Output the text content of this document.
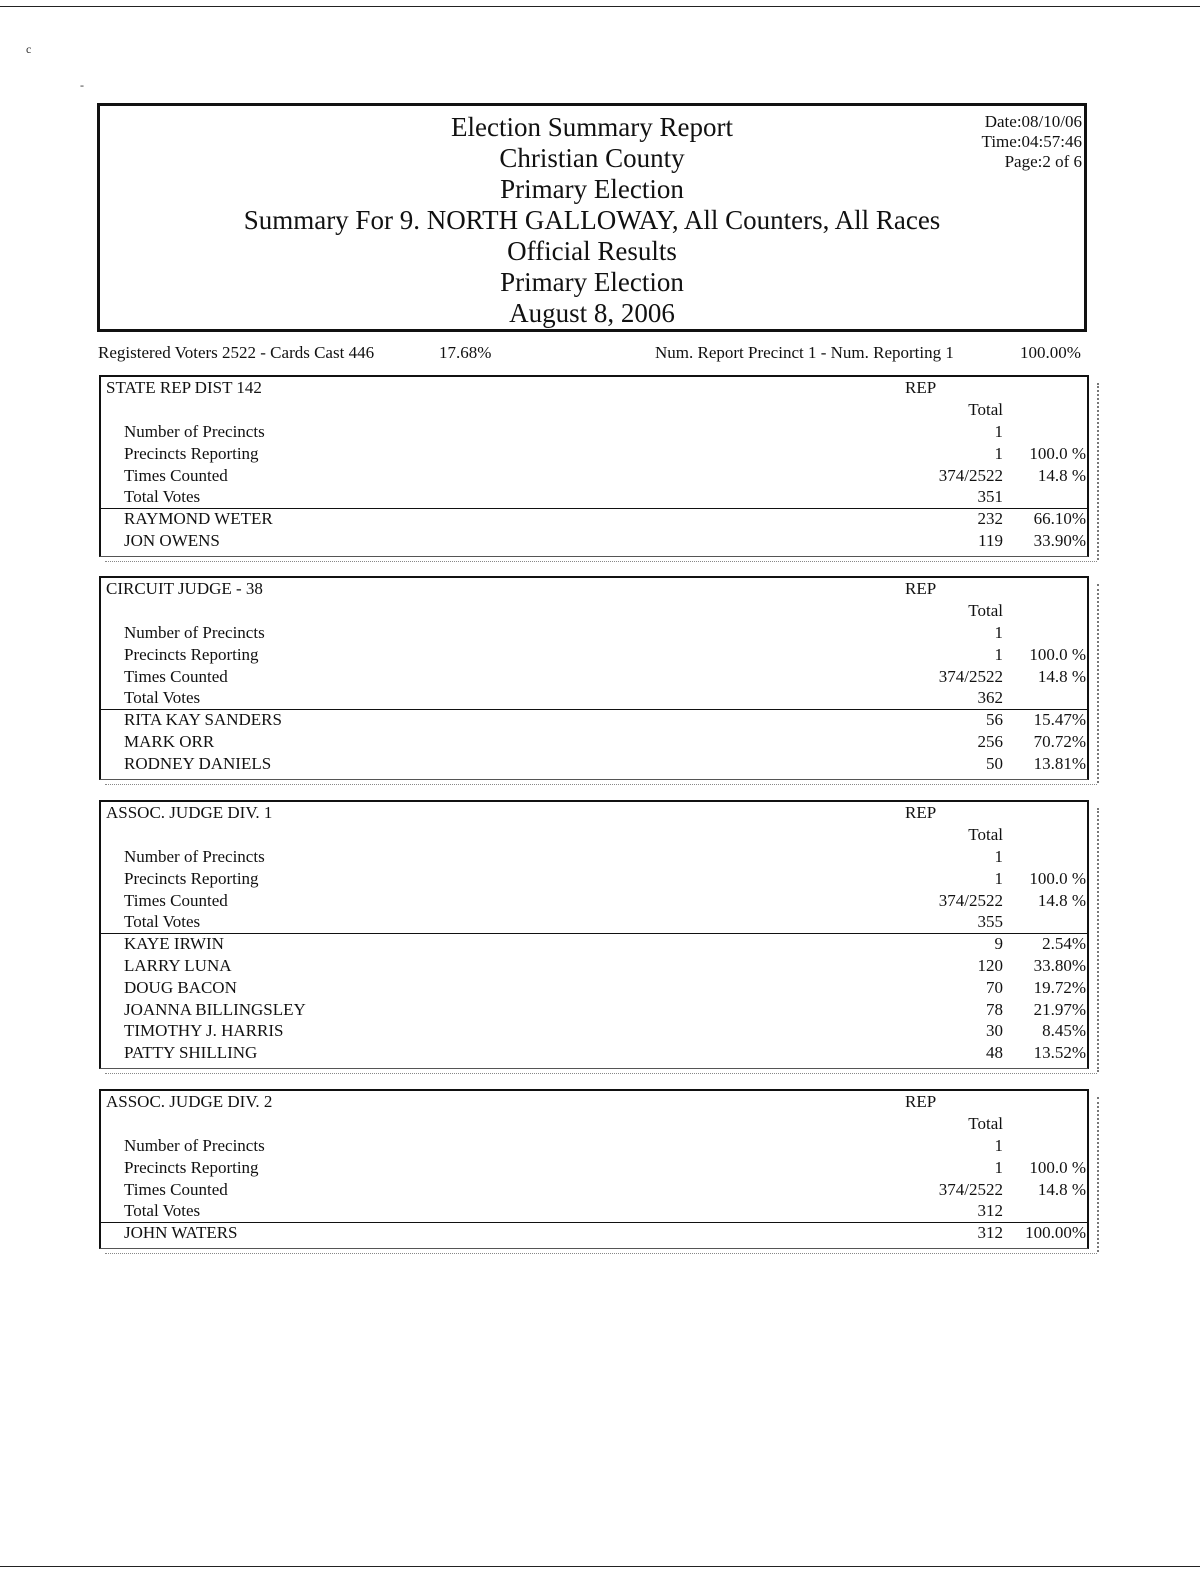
c
-
Election Summary Report
Christian County
Primary Election
Summary For 9. NORTH GALLOWAY, All Counters, All Races
Official Results
Primary Election
August 8, 2006
Date:08/10/06
Time:04:57:46
Page:2 of 6
Registered Voters 2522 - Cards Cast 446	17.68%	Num. Report Precinct 1 - Num. Reporting 1	100.00%
STATE REP DIST 142	REP
Total
Number of Precincts	1
Precincts Reporting	1	100.0 %
Times Counted	374/2522	14.8 %
Total Votes	351
RAYMOND WETER	232	66.10%
JON OWENS	119	33.90%
CIRCUIT JUDGE - 38	REP
Total
Number of Precincts	1
Precincts Reporting	1	100.0 %
Times Counted	374/2522	14.8 %
Total Votes	362
RITA KAY SANDERS	56	15.47%
MARK ORR	256	70.72%
RODNEY DANIELS	50	13.81%
ASSOC. JUDGE DIV. 1	REP
Total
Number of Precincts	1
Precincts Reporting	1	100.0 %
Times Counted	374/2522	14.8 %
Total Votes	355
KAYE IRWIN	9	2.54%
LARRY LUNA	120	33.80%
DOUG BACON	70	19.72%
JOANNA BILLINGSLEY	78	21.97%
TIMOTHY J. HARRIS	30	8.45%
PATTY SHILLING	48	13.52%
ASSOC. JUDGE DIV. 2	REP
Total
Number of Precincts	1
Precincts Reporting	1	100.0 %
Times Counted	374/2522	14.8 %
Total Votes	312
JOHN WATERS	312	100.00%
